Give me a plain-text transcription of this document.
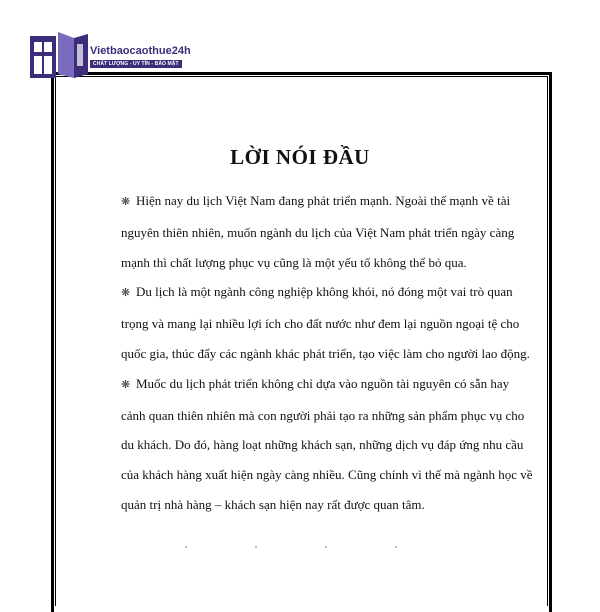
Vietbaocaothue24h
CHẤT LƯỢNG - UY TÍN - BẢO MẬT
LỜI NÓI ĐẦU

❋ Hiện nay du lịch Việt Nam đang phát triển mạnh. Ngoài thế mạnh về tài nguyên thiên nhiên, muốn ngành du lịch của Việt Nam phát triển ngày càng mạnh thì chất lượng phục vụ cũng là một yếu tố không thể bỏ qua.

❋ Du lịch là một ngành công nghiệp không khói, nó đóng một vai trò quan trọng và mang lại nhiều lợi ích cho đất nước như đem lại nguồn ngoại tệ cho quốc gia, thúc đẩy các ngành khác phát triển, tạo việc làm cho người lao động.

❋ Muốc du lịch phát triển không chỉ dựa vào nguồn tài nguyên có sẵn hay cảnh quan thiên nhiên mà con người phải tạo ra những sản phẩm phục vụ cho du khách. Do đó, hàng loạt những khách sạn, những dịch vụ đáp ứng nhu cầu của khách hàng xuất hiện ngày càng nhiều. Cũng chính vì thế mà ngành học về quản trị nhà hàng – khách sạn hiện nay rất được quan tâm.
